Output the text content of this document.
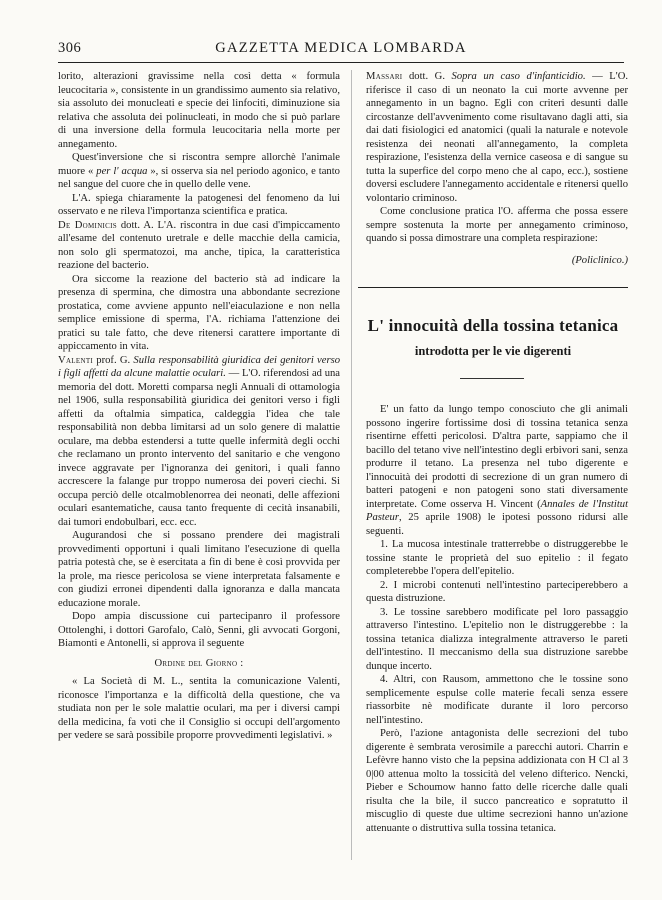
306	GAZZETTA MEDICA LOMBARDA

lorito, alterazioni gravissime nella così detta « formula leucocitaria », consistente in un grandissimo aumento sia relativo, sia assoluto dei monucleati e specie dei linfociti, diminuzione sia relativa che assoluta dei polinucleati, in modo che si può parlare di una inversione della formula leucocitaria nella morte per annegamento.

Quest'inversione che si riscontra sempre allorchè l'animale muore « per l' acqua », si osserva sia nel periodo agonico, e tanto nel sangue del cuore che in quello delle vene.

L'A. spiega chiaramente la patogenesi del fenomeno da lui osservato e ne rileva l'importanza scientifica e pratica.

De Dominicis dott. A. L'A. riscontra in due casi d'impiccamento all'esame del contenuto uretrale e delle macchie della camicia, non solo gli spermatozoi, ma anche, tipica, la caratteristica reazione del bacterio.

Ora siccome la reazione del bacterio stà ad indicare la presenza di spermina, che dimostra una abbondante secrezione prostatica, come avviene appunto nell'eiaculazione e non nella semplice emissione di sperma, l'A. richiama l'attenzione dei pratici su tale fatto, che deve ritenersi carattere importante di appiccamento in vita.

Valenti prof. G. Sulla responsabilità giuridica dei genitori verso i figli affetti da alcune malattie oculari. — L'O. riferendosi ad una memoria del dott. Moretti comparsa negli Annuali di ottamologia nel 1906, sulla responsabilità giuridica dei genitori verso i figli affetti da oftalmia simpatica, caldeggia l'idea che tale responsabilità non debba limitarsi ad un solo genere di malattie oculare, ma debba estendersi a tutte quelle infermità degli occhi che reclamano un pronto intervento del sanitario e che vengono invece aggravate per l'ignoranza dei genitori, i quali fanno accrescere la falange pur troppo numerosa dei poveri ciechi. Si occupa perciò delle otcalmoblenorrea dei neonati, delle affezioni oculari esantematiche, causa tanto frequente di cecità insanabili, dai tumori endobulbari, ecc. ecc.

Augurandosi che si possano prendere dei magistrali provvedimenti opportuni i quali limitano l'esecuzione di quella patria potestà che, se è esercitata a fin di bene è così provvida per la prole, ma riesce pericolosa se viene interpretata falsamente e con giudizi erronei dipendenti dalla ignoranza e dalla mancata educazione morale.

Dopo ampia discussione cui partecipanro il professore Ottolenghi, i dottori Garofalo, Calò, Senni, gli avvocati Gorgoni, Biamonti e Antonelli, si approva il seguente

Ordine del Giorno :

« La Società di M. L., sentita la comunicazione Valenti, riconosce l'importanza e la difficoltà della questione, che va studiata non per le sole malattie oculari, ma per i diversi campi della medicina, fa voti che il Consiglio si occupi dell'argomento per vedere se sarà possibile proporre provvedimenti legislativi. »

Massari dott. G. Sopra un caso d'infanticidio. — L'O. riferisce il caso di un neonato la cui morte avvenne per annegamento in un bagno. Egli con criteri desunti dalle circostanze dell'avvenimento come risultavano dagli atti, sia dai dati fisiologici ed anatomici (quali la naturale e notevole resistenza dei neonati all'annegamento, la completa respirazione, l'esistenza della vernice caseosa e di sangue su tutta la superfice del corpo meno che al capo, ecc.), sostiene doversi escludere l'annegamento accidentale e ritenersi quello volontario criminoso.

Come conclusione pratica l'O. afferma che possa essere sempre sostenuta la morte per annegamento criminoso, quando si possa dimostrare una completa respirazione:

(Policlinico.)

L' innocuità della tossina tetanica
introdotta per le vie digerenti

E' un fatto da lungo tempo conosciuto che gli animali possono ingerire fortissime dosi di tossina tetanica senza risentirne effetti pericolosi. D'altra parte, sappiamo che il bacillo del tetano vive nell'intestino degli erbivori sani, senza produrre il tetano. La presenza nel tubo digerente e l'innocuità dei prodotti di secrezione di un gran numero di batteri patogeni e non patogeni sono stati diversamente interpretate. Come osserva H. Vincent (Annales de l'Institut Pasteur, 25 aprile 1908) le ipotesi possono ridursi alle seguenti.

1. La mucosa intestinale tratterrebbe o distruggerebbe le tossine stante le proprietà del suo epitelio : il fegato completerebbe l'opera dell'epitelio.

2. I microbi contenuti nell'intestino parteciperebbero a questa distruzione.

3. Le tossine sarebbero modificate pel loro passaggio attraverso l'intestino. L'epitelio non le distruggerebbe : la tossina tetanica dializza integralmente attraverso le pareti dell'intestino. Il meccanismo della sua distruzione sarebbe dunque incerto.

4. Altri, con Rausom, ammettono che le tossine sono semplicemente espulse colle materie fecali senza essere riassorbite nè modificate durante il loro percorso nell'intestino.

Però, l'azione antagonista delle secrezioni del tubo digerente è sembrata verosimile a parecchi autori. Charrin e Lefèvre hanno visto che la pepsina addizionata con H Cl al 3 0|00 attenua molto la tossicità del veleno difterico. Nencki, Pieber e Schoumow hanno fatto delle ricerche dalle quali risulta che la bile, il succo pancreatico e sopratutto il miscuglio di queste due ultime secrezioni hanno un'azione attenuante o distruttiva sulla tossina tetanica.
